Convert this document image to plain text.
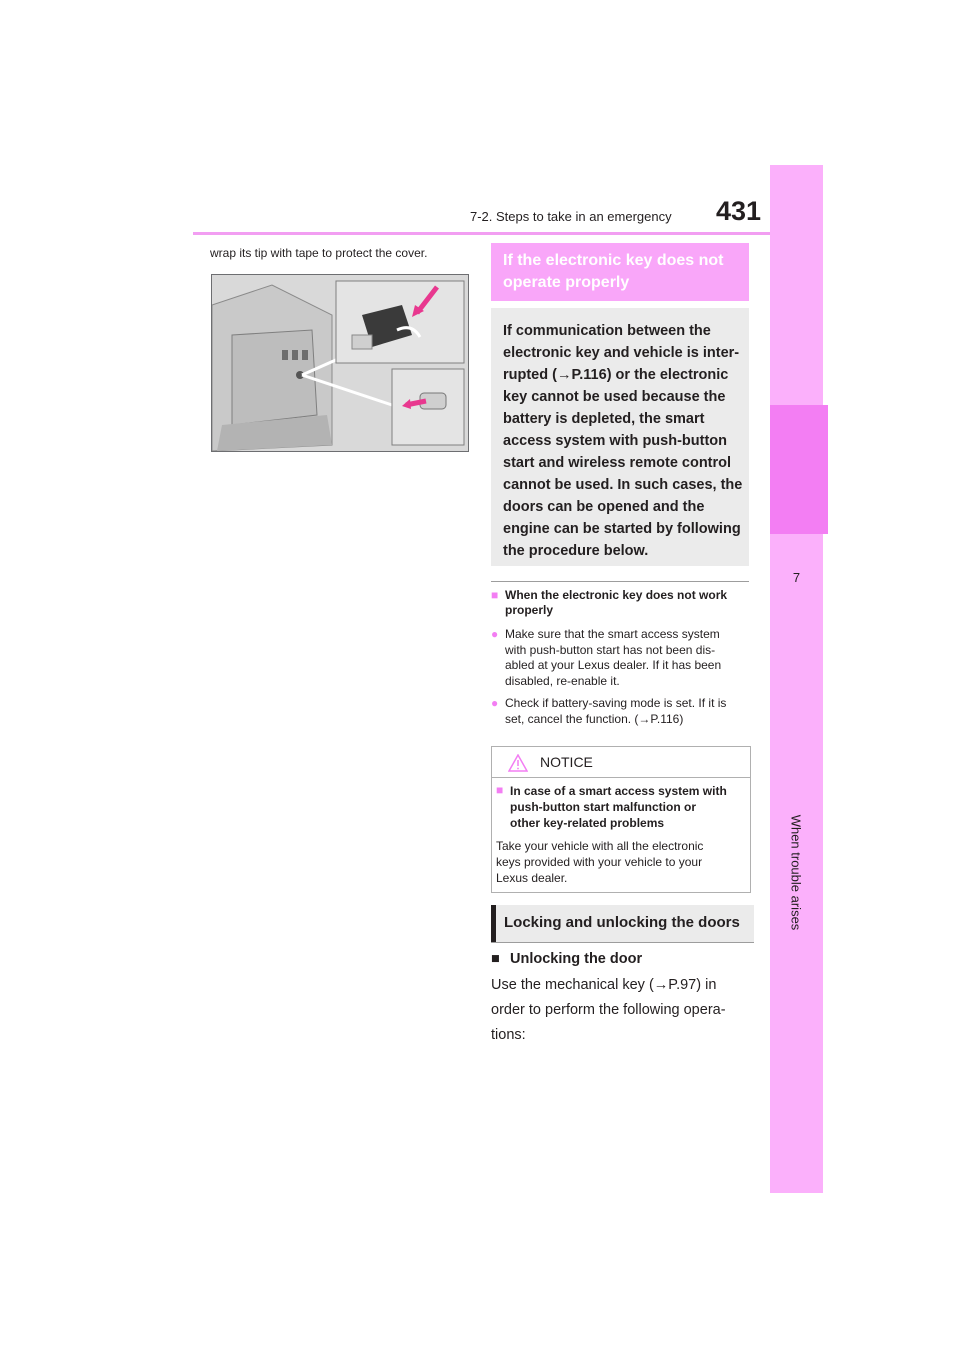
7-2. Steps to take in an emergency 431
7
When trouble arises
wrap its tip with tape to protect the cover.	If the electronic key does not
operate properly
If communication between the
electronic key and vehicle is inter-
rupted (→P.116) or the electronic
key cannot be used because the
battery is depleted, the smart
access system with push-button
start and wireless remote control
cannot be used. In such cases, the
doors can be opened and the
engine can be started by following
the procedure below.
■ When the electronic key does not work
properly
● Make sure that the smart access system
with push-button start has not been dis-
abled at your Lexus dealer. If it has been
disabled, re-enable it.
● Check if battery-saving mode is set. If it is
set, cancel the function. (→P.116)
NOTICE
■ In case of a smart access system with
push-button start malfunction or
other key-related problems
Take your vehicle with all the electronic
keys provided with your vehicle to your
Lexus dealer.
Locking and unlocking the doors
■ Unlocking the door
Use the mechanical key (→P.97) in
order to perform the following opera-
tions:
